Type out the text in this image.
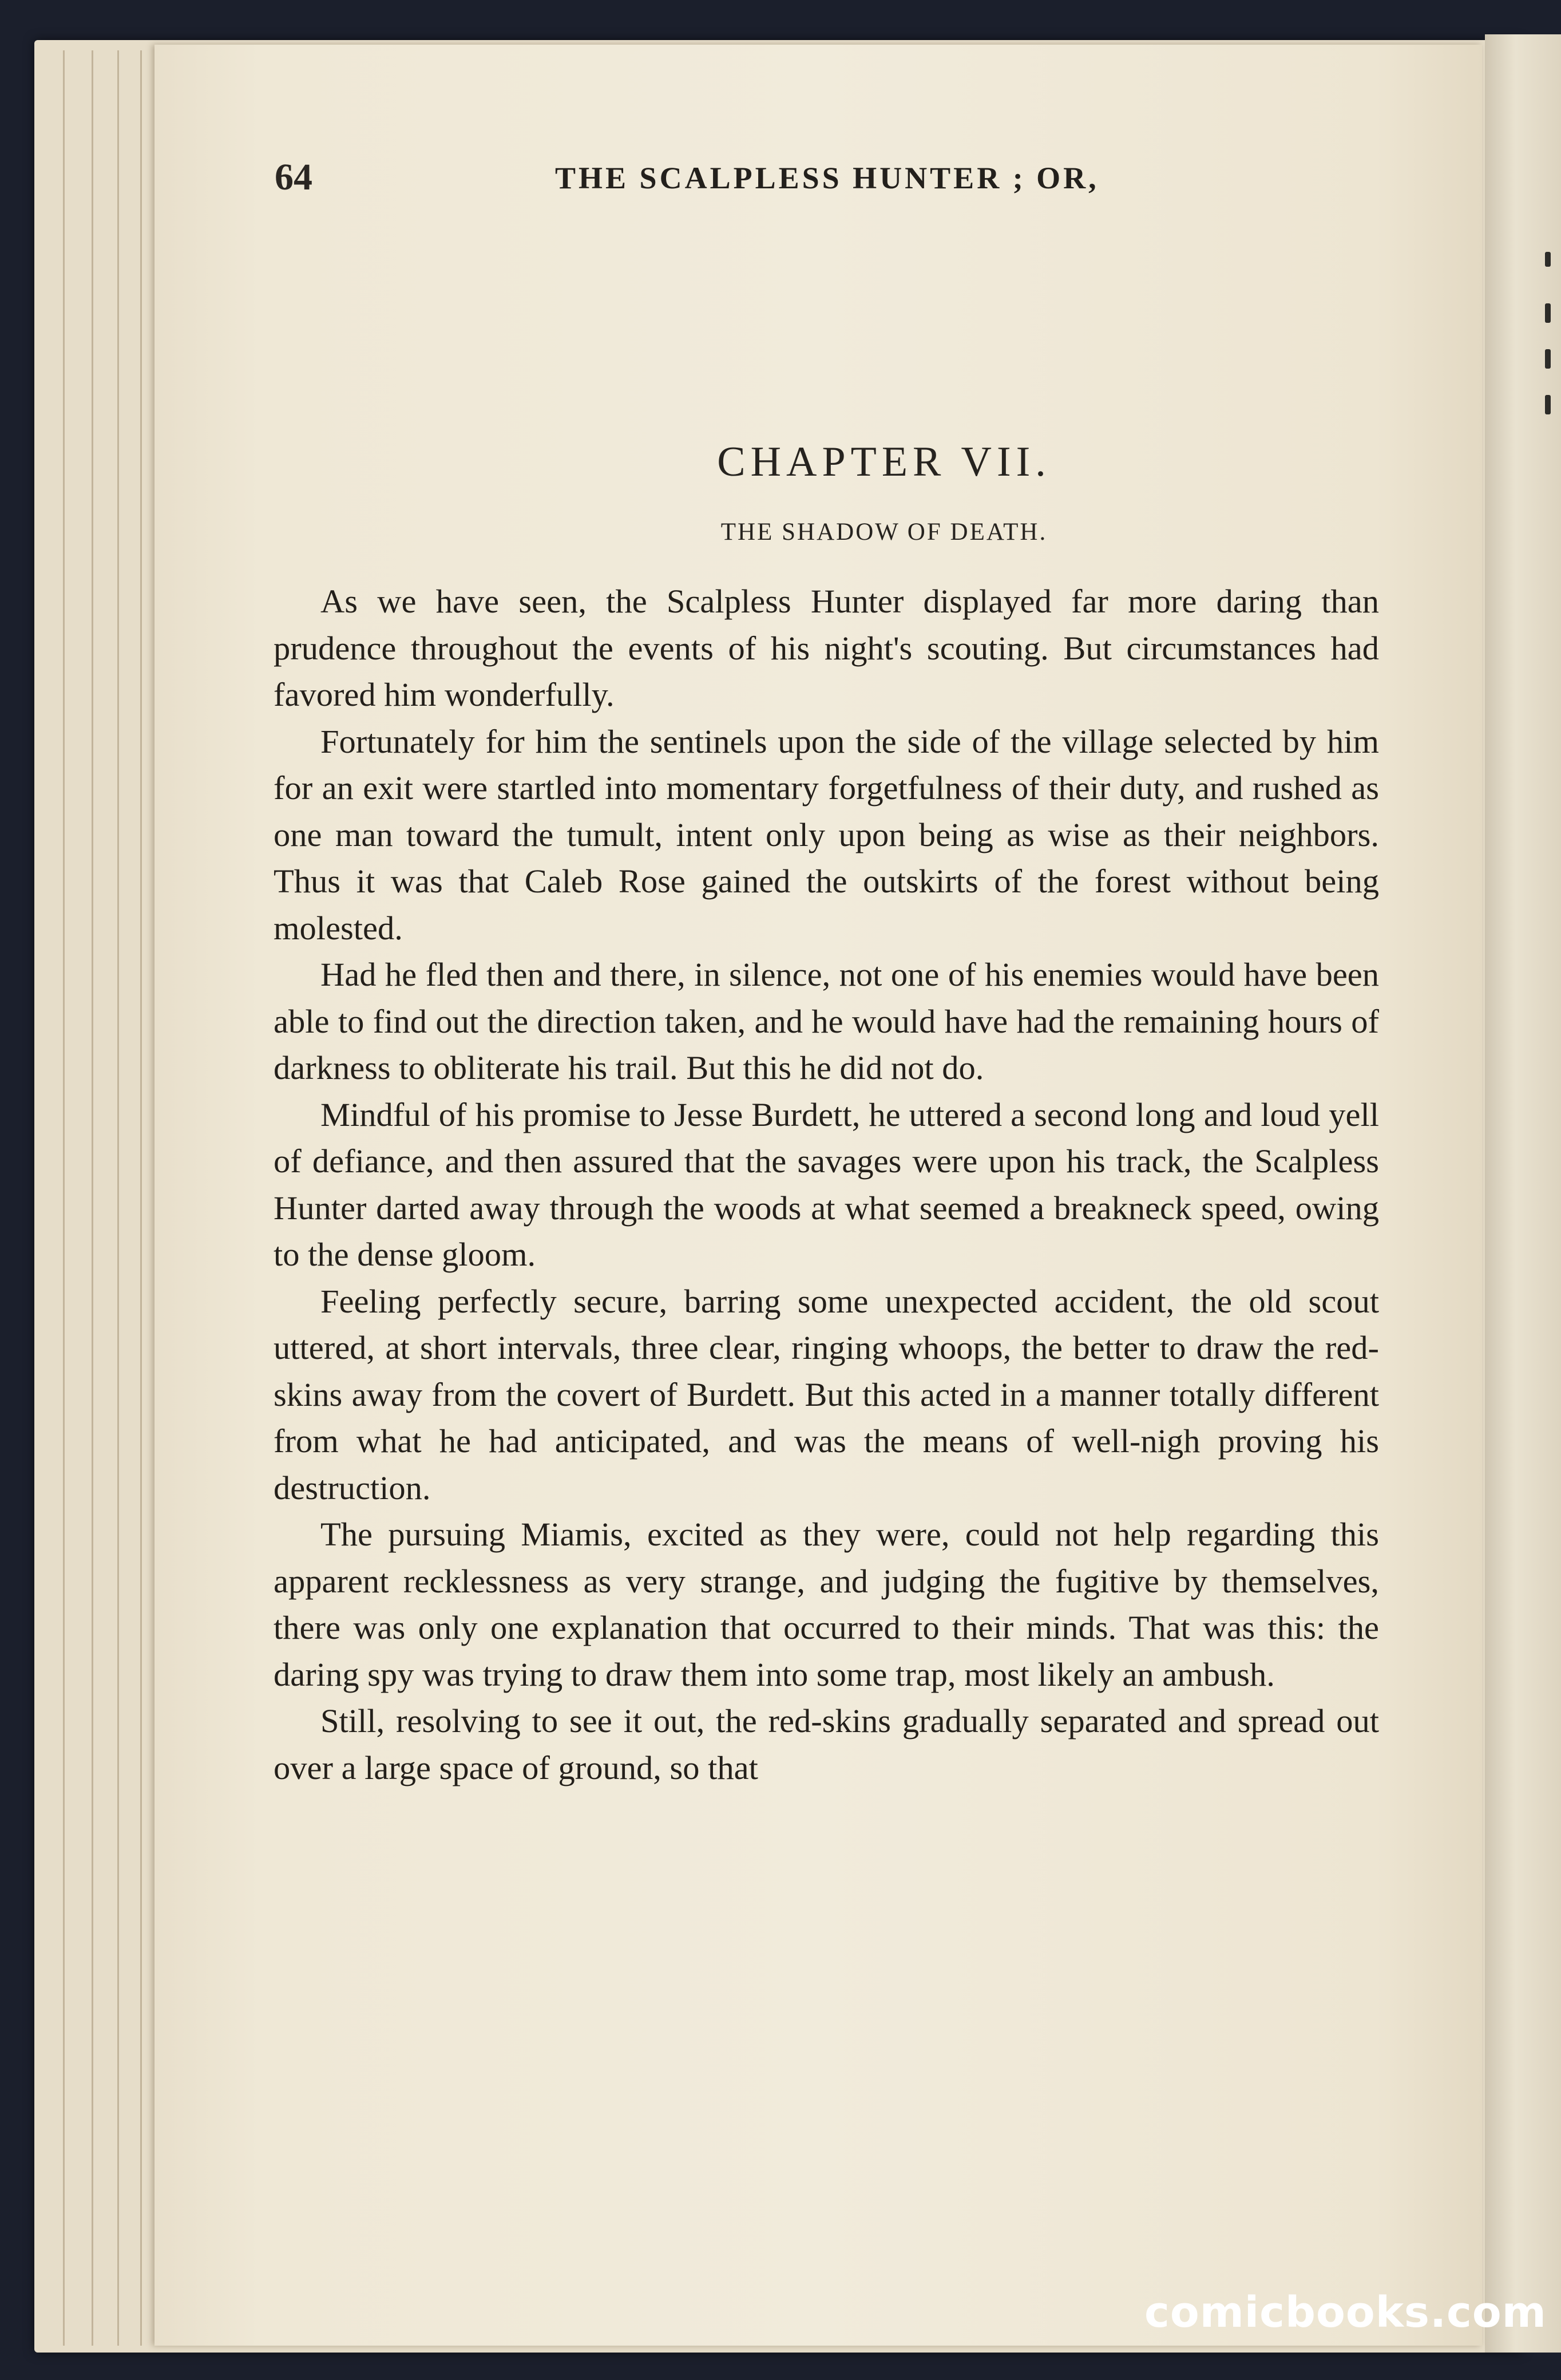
64	THE SCALPLESS HUNTER ; OR,
CHAPTER VII.
THE SHADOW OF DEATH.

As we have seen, the Scalpless Hunter displayed far more daring than prudence throughout the events of his night's scouting. But circumstances had favored him wonderfully.

Fortunately for him the sentinels upon the side of the village selected by him for an exit were startled into momentary forgetfulness of their duty, and rushed as one man toward the tumult, intent only upon being as wise as their neighbors. Thus it was that Caleb Rose gained the outskirts of the forest without being molested.

Had he fled then and there, in silence, not one of his enemies would have been able to find out the direction taken, and he would have had the remaining hours of darkness to obliterate his trail. But this he did not do.

Mindful of his promise to Jesse Burdett, he uttered a second long and loud yell of defiance, and then assured that the savages were upon his track, the Scalpless Hunter darted away through the woods at what seemed a breakneck speed, owing to the dense gloom.

Feeling perfectly secure, barring some unexpected accident, the old scout uttered, at short intervals, three clear, ringing whoops, the better to draw the red-skins away from the covert of Burdett. But this acted in a manner totally different from what he had anticipated, and was the means of well-nigh proving his destruction.

The pursuing Miamis, excited as they were, could not help regarding this apparent recklessness as very strange, and judging the fugitive by themselves, there was only one explanation that occurred to their minds. That was this: the daring spy was trying to draw them into some trap, most likely an ambush.

Still, resolving to see it out, the red-skins gradually separated and spread out over a large space of ground, so that

comicbooks.com
